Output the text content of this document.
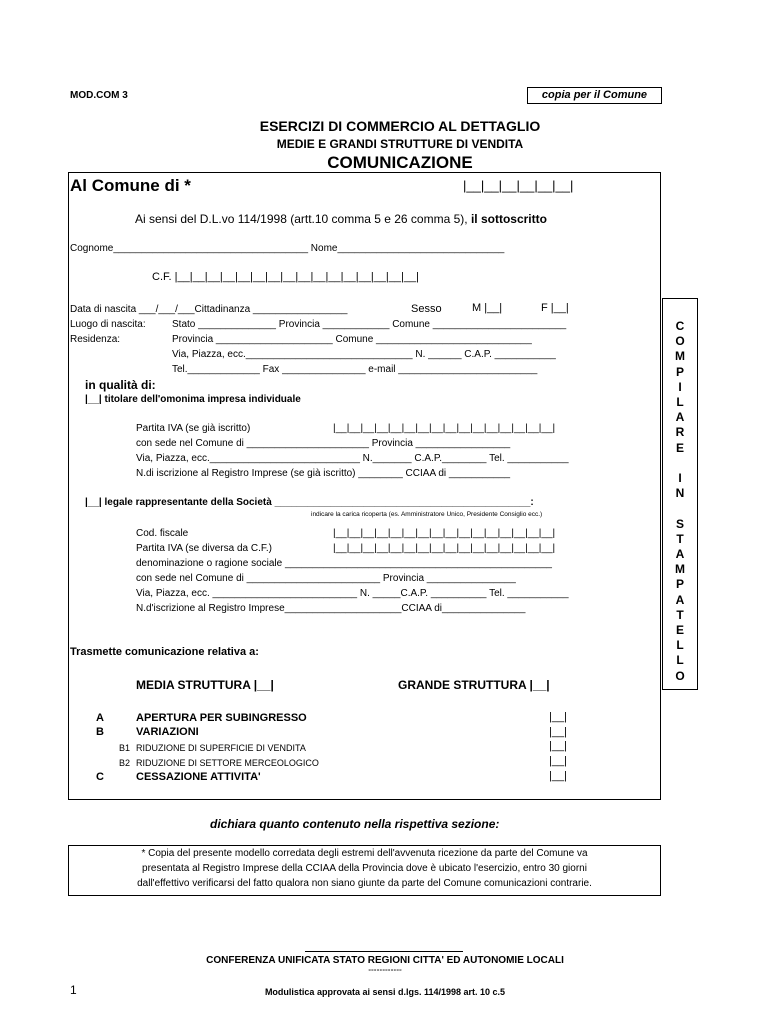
MOD.COM 3	copia per il Comune
ESERCIZI DI COMMERCIO AL DETTAGLIO
MEDIE E GRANDI STRUTTURE DI VENDITA
COMUNICAZIONE
Al Comune di *	|__|__|__|__|__|__|
Ai sensi del D.L.vo 114/1998 (artt.10 comma 5 e 26 comma 5), il sottoscritto
Cognome___________________________________ Nome______________________________
C.F. |__|__|__|__|__|__|__|__|__|__|__|__|__|__|__|__|
Data di nascita ___/___/___Cittadinanza _________________	Sesso	M |__|	F |__|
Luogo di nascita:	Stato ______________ Provincia ____________ Comune ________________________
Residenza:	Provincia _____________________ Comune ____________________________
Via, Piazza, ecc.______________________________ N. ______ C.A.P. ___________
Tel._____________ Fax _______________ e-mail _________________________
in qualità di:
|__| titolare dell'omonima impresa individuale
Partita IVA (se già iscritto)	|__|__|__|__|__|__|__|__|__|__|__|__|__|__|__|__|
con sede nel Comune di ______________________ Provincia _________________
Via, Piazza, ecc.___________________________ N._______ C.A.P.________ Tel. ___________
N.di iscrizione al Registro Imprese (se già iscritto) ________ CCIAA di ___________
|__| legale rappresentante della Società ______________________________________________:
indicare la carica ricoperta (es. Amministratore Unico, Presidente Consiglio ecc.)
Cod. fiscale	|__|__|__|__|__|__|__|__|__|__|__|__|__|__|__|__|
Partita IVA (se diversa da C.F.)	|__|__|__|__|__|__|__|__|__|__|__|__|__|__|__|__|
denominazione o ragione sociale ________________________________________________
con sede nel Comune di ________________________ Provincia ________________
Via, Piazza, ecc. __________________________ N. _____C.A.P. __________ Tel. ___________
N.d'iscrizione al Registro Imprese_____________________CCIAA di_______________
Trasmette comunicazione relativa a:
MEDIA STRUTTURA |__|	GRANDE STRUTTURA |__|
A	APERTURA PER SUBINGRESSO	|__|
B	VARIAZIONI	|__|
B1 RIDUZIONE DI SUPERFICIE DI VENDITA	|__|
B2 RIDUZIONE DI SETTORE MERCEOLOGICO	|__|
C	CESSAZIONE ATTIVITA'	|__|
C
O
M
P
I
L
A
R
E
I
N
S
T
A
M
P
A
T
E
L
L
O
dichiara quanto contenuto nella rispettiva sezione:
* Copia del presente modello corredata degli estremi dell'avvenuta ricezione da parte del Comune va
presentata al Registro Imprese della CCIAA della Provincia dove è ubicato l'esercizio, entro 30 giorni
dall'effettivo verificarsi del fatto qualora non siano giunte da parte del Comune comunicazioni contrarie.
CONFERENZA UNIFICATA STATO REGIONI CITTA' ED AUTONOMIE LOCALI
°°°°°°°°°°°°
1	Modulistica approvata ai sensi d.lgs. 114/1998 art. 10 c.5
